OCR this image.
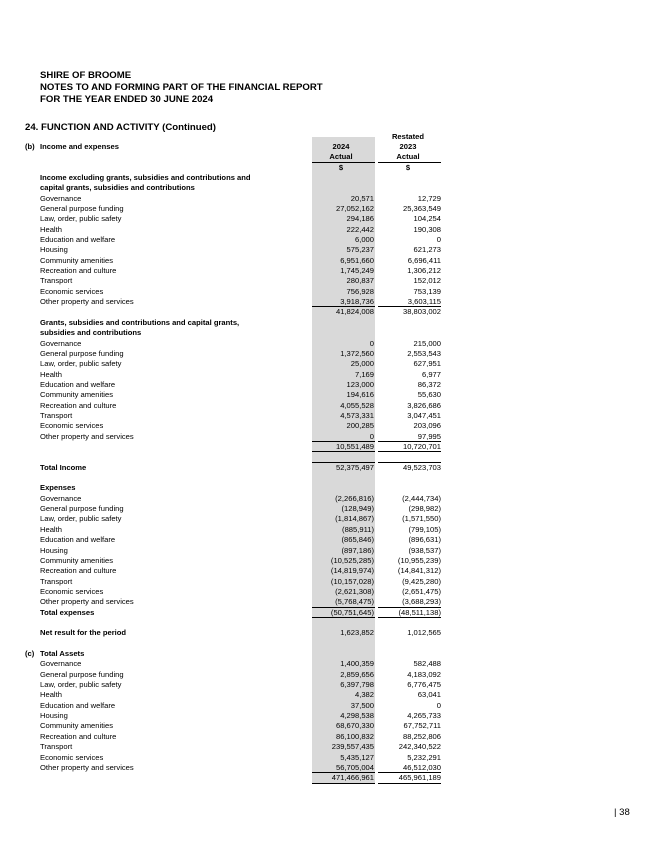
SHIRE OF BROOME
NOTES TO AND FORMING PART OF THE FINANCIAL REPORT
FOR THE YEAR ENDED 30 JUNE 2024
24. FUNCTION AND ACTIVITY (Continued)
Restated
(b) Income and expenses	2024	2023
Actual	Actual
$	$
Income excluding grants, subsidies and contributions and
capital grants, subsidies and contributions
Governance	20,571	12,729
General purpose funding	27,052,162	25,363,549
Law, order, public safety	294,186	104,254
Health	222,442	190,308
Education and welfare	6,000	0
Housing	575,237	621,273
Community amenities	6,951,660	6,696,411
Recreation and culture	1,745,249	1,306,212
Transport	280,837	152,012
Economic services	756,928	753,139
Other property and services	3,918,736	3,603,115
41,824,008	38,803,002
Grants, subsidies and contributions and capital grants,
subsidies and contributions
Governance	0	215,000
General purpose funding	1,372,560	2,553,543
Law, order, public safety	25,000	627,951
Health	7,169	6,977
Education and welfare	123,000	86,372
Community amenities	194,616	55,630
Recreation and culture	4,055,528	3,826,686
Transport	4,573,331	3,047,451
Economic services	200,285	203,096
Other property and services	0	97,995
10,551,489	10,720,701
Total Income	52,375,497	49,523,703
Expenses
Governance	(2,266,816)	(2,444,734)
General purpose funding	(128,949)	(298,982)
Law, order, public safety	(1,814,867)	(1,571,550)
Health	(885,911)	(799,105)
Education and welfare	(865,846)	(896,631)
Housing	(897,186)	(938,537)
Community amenities	(10,525,285)	(10,955,239)
Recreation and culture	(14,819,974)	(14,841,312)
Transport	(10,157,028)	(9,425,280)
Economic services	(2,621,308)	(2,651,475)
Other property and services	(5,768,475)	(3,688,293)
Total expenses	(50,751,645)	(48,511,138)
Net result for the period	1,623,852	1,012,565
(c) Total Assets
Governance	1,400,359	582,488
General purpose funding	2,859,656	4,183,092
Law, order, public safety	6,397,798	6,776,475
Health	4,382	63,041
Education and welfare	37,500	0
Housing	4,298,538	4,265,733
Community amenities	68,670,330	67,752,711
Recreation and culture	86,100,832	88,252,806
Transport	239,557,435	242,340,522
Economic services	5,435,127	5,232,291
Other property and services	56,705,004	46,512,030
471,466,961	465,961,189
| 38
